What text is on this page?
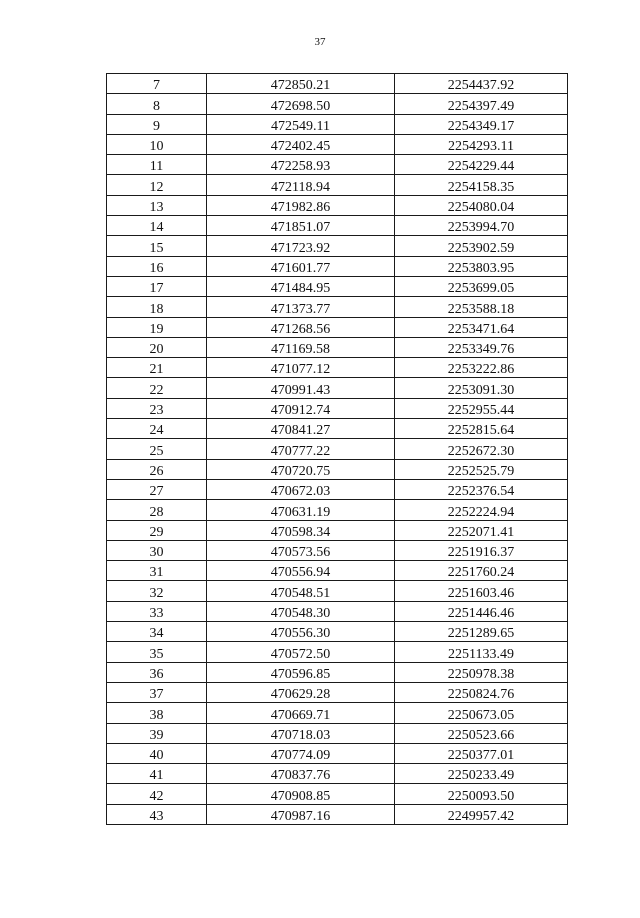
37
7	472850.21	2254437.92
8	472698.50	2254397.49
9	472549.11	2254349.17
10	472402.45	2254293.11
11	472258.93	2254229.44
12	472118.94	2254158.35
13	471982.86	2254080.04
14	471851.07	2253994.70
15	471723.92	2253902.59
16	471601.77	2253803.95
17	471484.95	2253699.05
18	471373.77	2253588.18
19	471268.56	2253471.64
20	471169.58	2253349.76
21	471077.12	2253222.86
22	470991.43	2253091.30
23	470912.74	2252955.44
24	470841.27	2252815.64
25	470777.22	2252672.30
26	470720.75	2252525.79
27	470672.03	2252376.54
28	470631.19	2252224.94
29	470598.34	2252071.41
30	470573.56	2251916.37
31	470556.94	2251760.24
32	470548.51	2251603.46
33	470548.30	2251446.46
34	470556.30	2251289.65
35	470572.50	2251133.49
36	470596.85	2250978.38
37	470629.28	2250824.76
38	470669.71	2250673.05
39	470718.03	2250523.66
40	470774.09	2250377.01
41	470837.76	2250233.49
42	470908.85	2250093.50
43	470987.16	2249957.42
